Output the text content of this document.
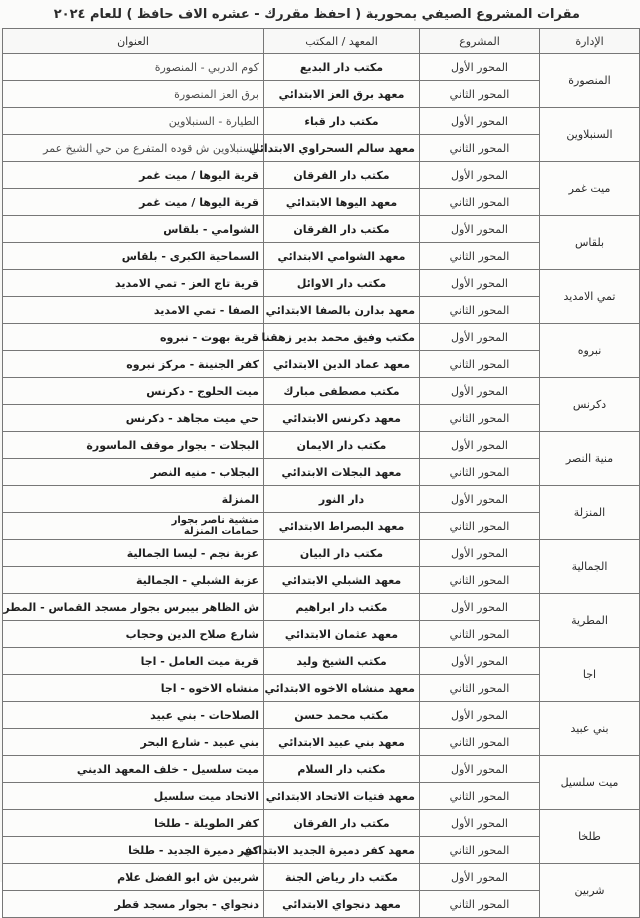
مقرات المشروع الصيفي بمحورية ( احفظ مقررك - عشره الاف حافظ ) للعام ٢٠٢٤
الإدارة	المشروع	المعهد / المكتب	العنوان
المنصورة	المحور الأول	مكتب دار البديع	كوم الدربي - المنصورة
	المحور الثاني	معهد برق العز الابتدائي	برق العز المنصورة
السنبلاوين	المحور الأول	مكتب دار قباء	الطيارة - السنبلاوين
	المحور الثاني	معهد سالم السحراوي الابتدائي	السنبلاوين ش قوده المتفرع من حي الشيخ عمر
ميت غمر	المحور الأول	مكتب دار الفرقان	قرية اليوها / ميت غمر
	المحور الثاني	معهد اليوها الابتدائي	قرية اليوها / ميت غمر
بلقاس	المحور الأول	مكتب دار الفرقان	الشوامي - بلقاس
	المحور الثاني	معهد الشوامي الابتدائي	السماحية الكبرى - بلقاس
تمي الامديد	المحور الأول	مكتب دار الاوائل	قرية تاج العز - تمي الامديد
	المحور الثاني	معهد بدارن بالصفا الابتدائي	الصفا - تمي الامديد
نبروه	المحور الأول	مكتب وفيق محمد بدير زهقنا	قرية بهوت - نبروه
	المحور الثاني	معهد عماد الدين الابتدائي	كفر الجنينة - مركز نبروه
دكرنس	المحور الأول	مكتب مصطفى مبارك	ميت الحلوج - دكرنس
	المحور الثاني	معهد دكرنس الابتدائي	حي ميت مجاهد - دكرنس
منية النصر	المحور الأول	مكتب دار الايمان	البجلات - بجوار موقف الماسورة
	المحور الثاني	معهد البجلات الابتدائي	البجلاب - منيه النصر
المنزلة	المحور الأول	دار النور	المنزلة
	المحور الثاني	معهد البصراط الابتدائي	منشية ناصر بجوار
حمامات المنزلة

الجمالية	المحور الأول	مكتب دار البيان	عزبة نجم - ليسا الجمالية
	المحور الثاني	معهد الشبلي الابتدائي	عزبة الشبلي - الجمالية
المطرية	المحور الأول	مكتب دار ابراهيم	ش الظاهر بيبرس بجوار مسجد القماس - المطر
	المحور الثاني	معهد عثمان الابتدائي	شارع صلاح الدين وحجاب
اجا	المحور الأول	مكتب الشيخ وليد	قرية ميت العامل - اجا
	المحور الثاني	معهد منشاه الاخوه الابتدائي	منشاه الاخوه - اجا
بني عبيد	المحور الأول	مكتب محمد حسن	الصلاحات - بني عبيد
	المحور الثاني	معهد بني عبيد الابتدائي	بني عبيد - شارع البحر
ميت سلسيل	المحور الأول	مكتب دار السلام	ميت سلسيل - خلف المعهد الديني
	المحور الثاني	معهد فتيات الاتحاد الابتدائي	الاتحاد ميت سلسيل
طلخا	المحور الأول	مكتب دار الفرقان	كفر الطويلة - طلخا
	المحور الثاني	معهد كفر دميرة الجديد الابتدائي	كفر دميرة الجديد - طلخا
شربين	المحور الأول	مكتب دار رياض الجنة	شربين ش ابو الفضل علام
	المحور الثاني	معهد دنجواي الابتدائي	دنجواي - بجوار مسجد قطر
